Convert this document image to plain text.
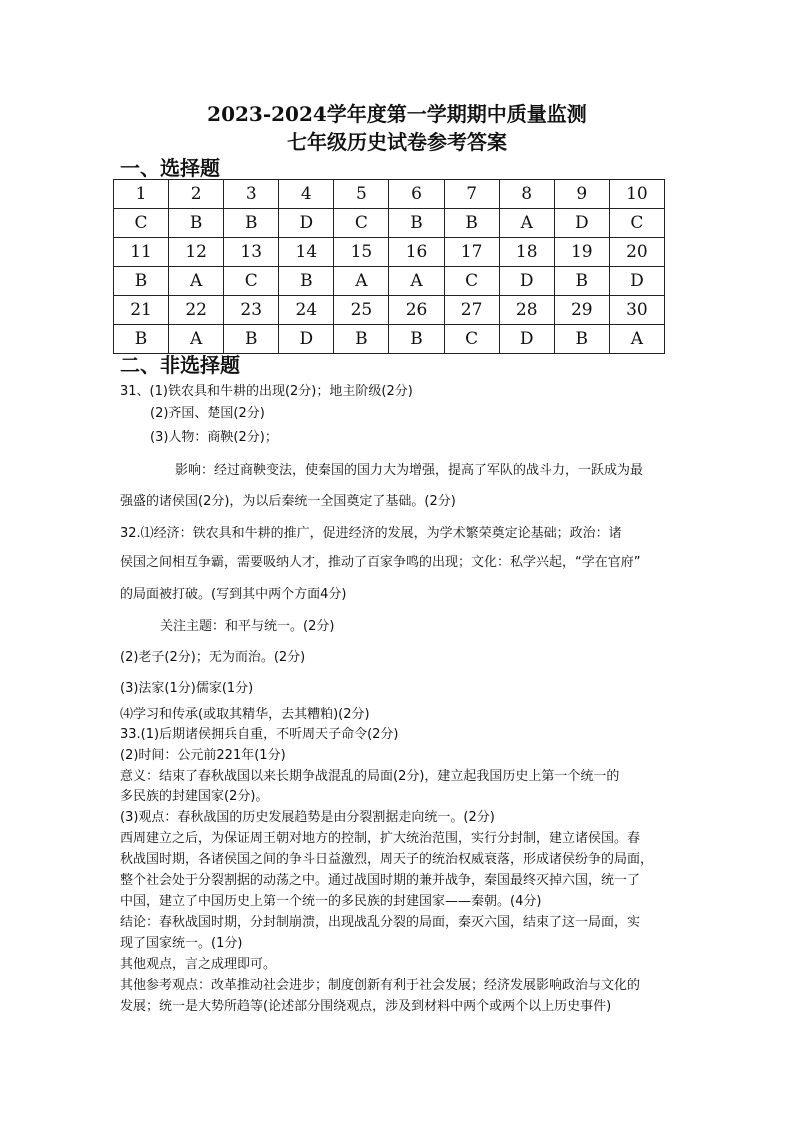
2023-2024学年度第一学期期中质量监测
七年级历史试卷参考答案
一、选择题
1	2	3	4	5	6	7	8	9	10
C	B	B	D	C	B	B	A	D	C
11	12	13	14	15	16	17	18	19	20
B	A	C	B	A	A	C	D	B	D
21	22	23	24	25	26	27	28	29	30
B	A	B	D	B	B	C	D	B	A
二、非选择题
31、(1)铁农具和牛耕的出现(2分)；地主阶级(2分)
(2)齐国、楚国(2分)
(3)人物：商鞅(2分)；
影响：经过商鞅变法，使秦国的国力大为增强，提高了军队的战斗力，一跃成为最
强盛的诸侯国(2分)，为以后秦统一全国奠定了基础。(2分)
32.⑴经济：铁农具和牛耕的推广，促进经济的发展，为学术繁荣奠定论基础；政治：诸
侯国之间相互争霸，需要吸纳人才，推动了百家争鸣的出现；文化：私学兴起，“学在官府”
的局面被打破。(写到其中两个方面4分)
关注主题：和平与统一。(2分)
(2)老子(2分)；无为而治。(2分)
(3)法家(1分)儒家(1分)
⑷学习和传承(或取其精华，去其糟粕)(2分)
33.(1)后期诸侯拥兵自重，不听周天子命令(2分)
(2)时间：公元前221年(1分)
意义：结束了春秋战国以来长期争战混乱的局面(2分)，建立起我国历史上第一个统一的
多民族的封建国家(2分)。
(3)观点：春秋战国的历史发展趋势是由分裂割据走向统一。(2分)
西周建立之后，为保证周王朝对地方的控制，扩大统治范围，实行分封制，建立诸侯国。春
秋战国时期，各诸侯国之间的争斗日益激烈，周天子的统治权威衰落，形成诸侯纷争的局面，
整个社会处于分裂割据的动荡之中。通过战国时期的兼并战争，秦国最终灭掉六国，统一了
中国，建立了中国历史上第一个统一的多民族的封建国家——秦朝。(4分)
结论：春秋战国时期，分封制崩溃，出现战乱分裂的局面，秦灭六国，结束了这一局面，实
现了国家统一。(1分)
其他观点，言之成理即可。
其他参考观点：改革推动社会进步；制度创新有利于社会发展；经济发展影响政治与文化的
发展；统一是大势所趋等(论述部分围绕观点，涉及到材料中两个或两个以上历史事件)
